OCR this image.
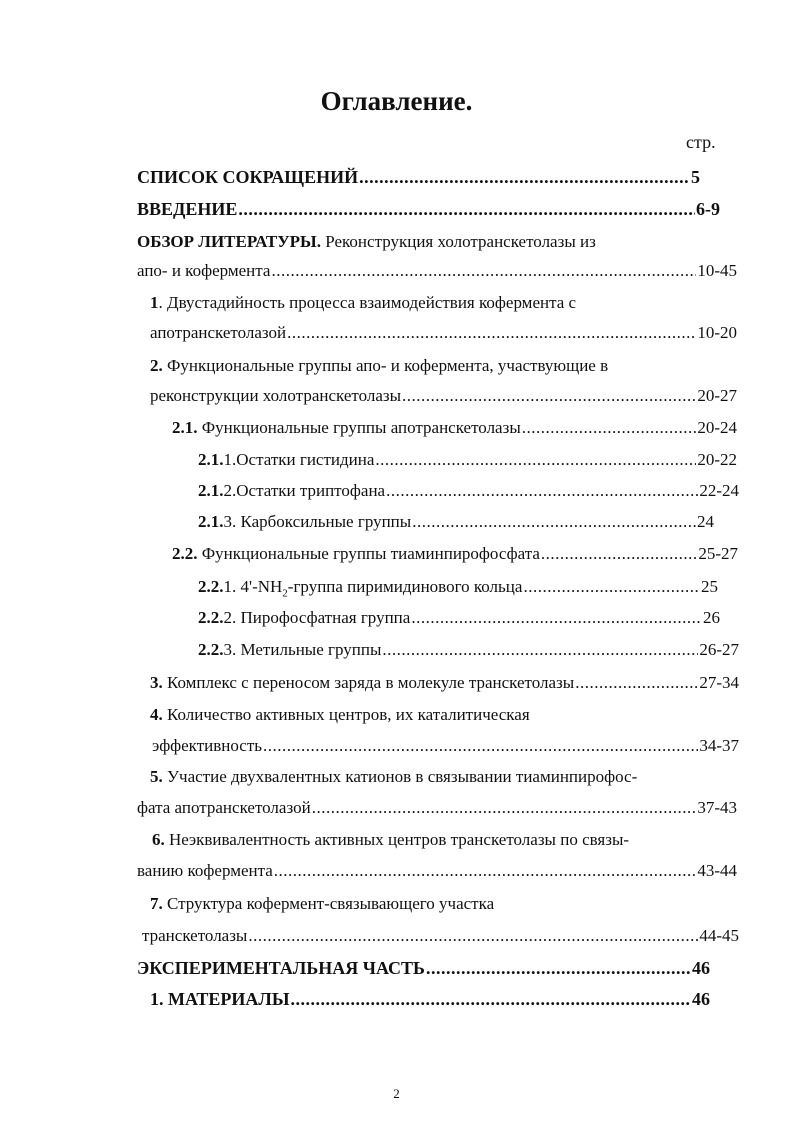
Оглавление.
стр.
СПИСОК СОКРАЩЕНИЙ .....	5
ВВЕДЕНИЕ .....	6-9
ОБЗОР ЛИТЕРАТУРЫ. Реконструкция холотранскетолазы из
апо- и кофермента .....	10-45
1. Двустадийность процесса взаимодействия кофермента с
апотранскетолазой .....	10-20
2. Функциональные группы апо- и кофермента, участвующие в
реконструкции холотранскетолазы .....	20-27
2.1. Функциональные группы апотранскетолазы .....	20-24
2.1.1.Остатки гистидина .....	20-22
2.1.2.Остатки триптофана .....	22-24
2.1.3. Карбоксильные группы .....	24
2.2. Функциональные группы тиаминпирофосфата .....	25-27
2.2.1. $4'-NH_2$-группа пиримидинового кольца .....	25
2.2.2. Пирофосфатная группа .....	26
2.2.3. Метильные группы .....	26-27
3. Комплекс с переносом заряда в молекуле транскетолазы .....	27-34
4. Количество активных центров, их каталитическая
эффективность .....	34-37
5. Участие двухвалентных катионов в связывании тиаминпирофос-
фата апотранскетолазой .....	37-43
6. Неэквивалентность активных центров транскетолазы по связы-
ванию кофермента .....	43-44
7. Структура кофермент-связывающего участка
транскетолазы .....	44-45
ЭКСПЕРИМЕНТАЛЬНАЯ ЧАСТЬ .....	46
1. МАТЕРИАЛЫ .....	46
2
